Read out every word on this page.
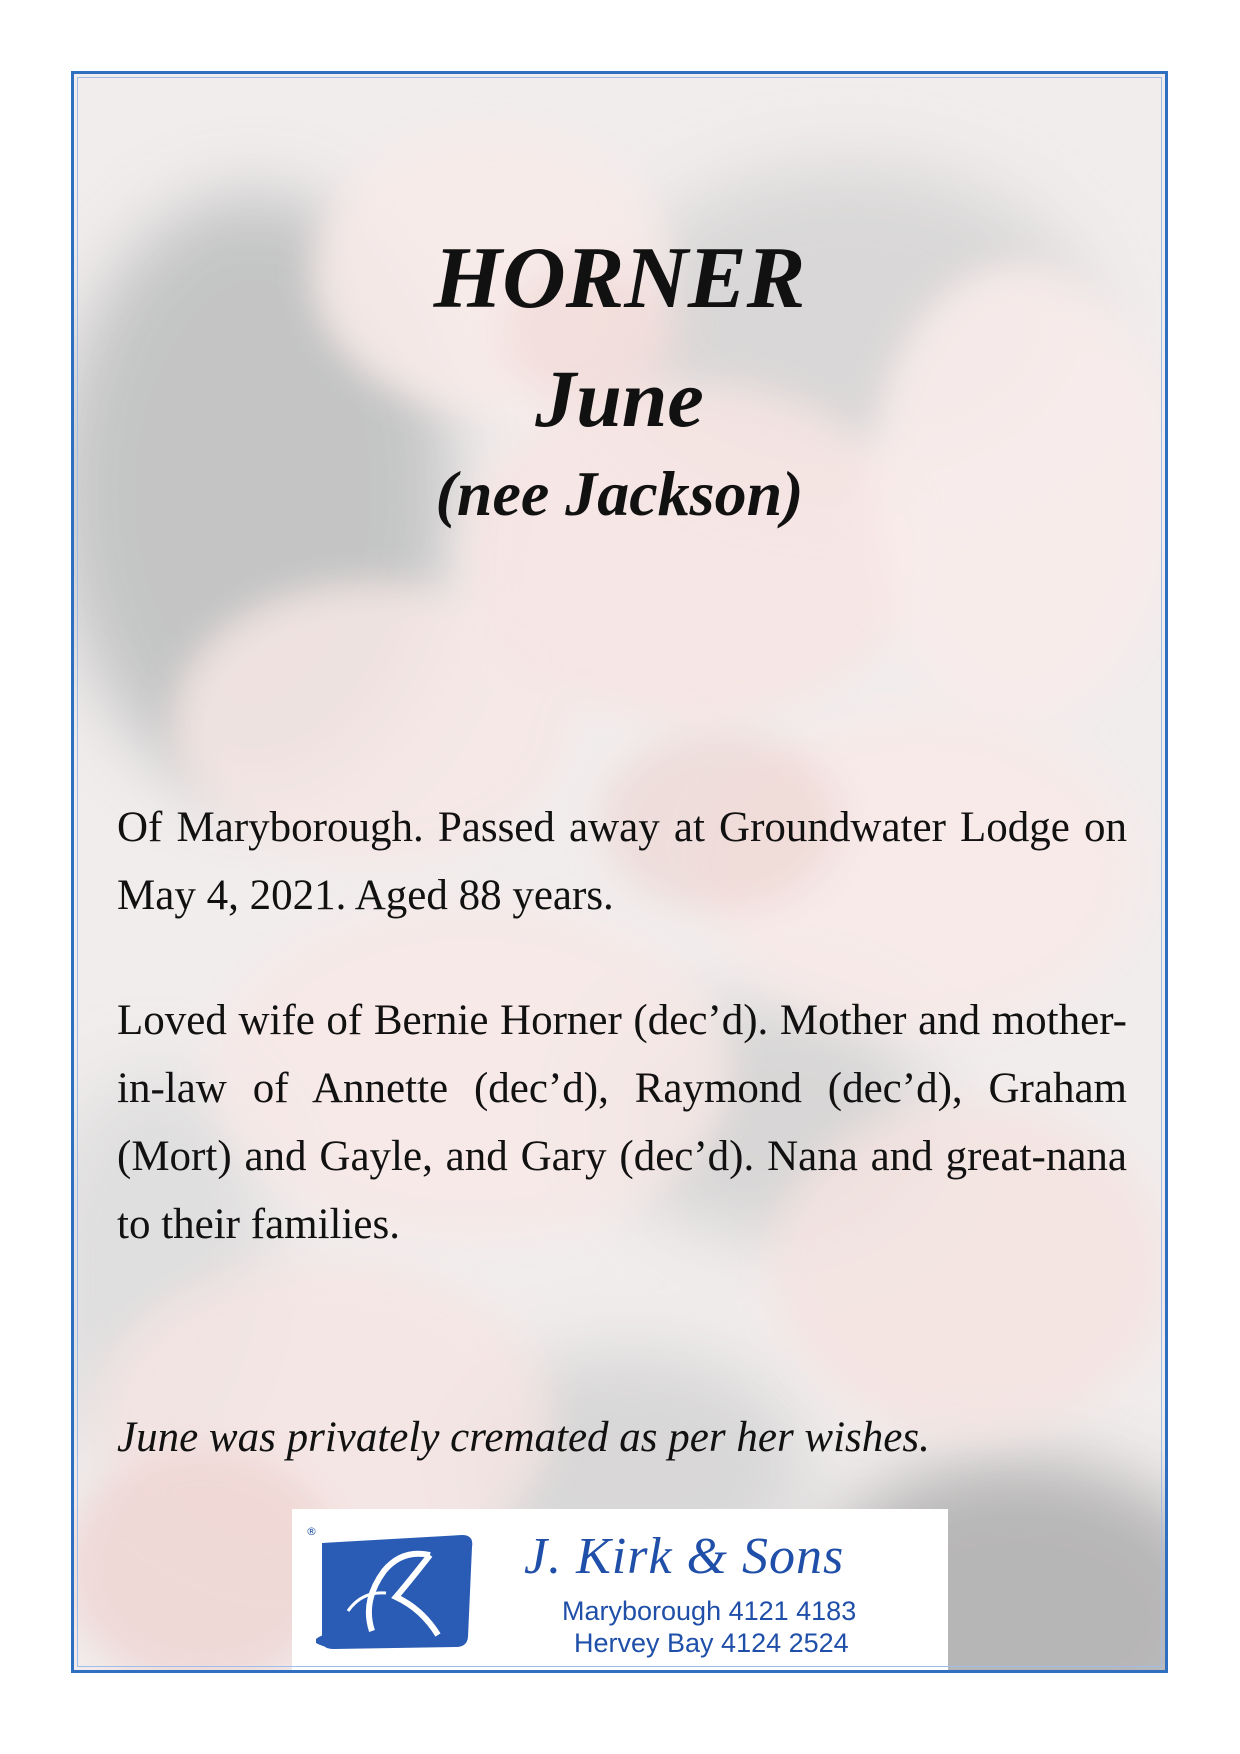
HORNER
June
(nee Jackson)

Of Maryborough. Passed away at Groundwater Lodge on May 4, 2021. Aged 88 years.

Loved wife of Bernie Horner (dec’d). Mother and mother-in-law of Annette (dec’d), Raymond (dec’d), Graham (Mort) and Gayle, and Gary (dec’d). Nana and great-nana to their families.

June was privately cremated as per her wishes.

®	J. Kirk & Sons
Maryborough 4121 4183
Hervey Bay 4124 2524
